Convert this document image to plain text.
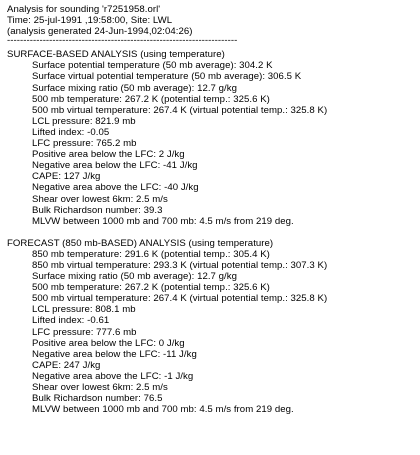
Analysis for sounding 'r7251958.orl'
Time: 25-jul-1991 ,19:58:00, Site: LWL
(analysis generated 24-Jun-1994,02:04:26)
-----------------------------------------------------------------------
SURFACE-BASED ANALYSIS (using temperature)
Surface potential temperature (50 mb average): 304.2 K
Surface virtual potential temperature (50 mb average): 306.5 K
Surface mixing ratio (50 mb average): 12.7 g/kg
500 mb temperature: 267.2 K (potential temp.: 325.6 K)
500 mb virtual temperature: 267.4 K (virtual potential temp.: 325.8 K)
LCL pressure: 821.9 mb
Lifted index: -0.05
LFC pressure: 765.2 mb
Positive area below the LFC: 2 J/kg
Negative area below the LFC: -41 J/kg
CAPE: 127 J/kg
Negative area above the LFC: -40 J/kg
Shear over lowest 6km: 2.5 m/s
Bulk Richardson number: 39.3
MLVW between 1000 mb and 700 mb: 4.5 m/s from 219 deg.
FORECAST (850 mb-BASED) ANALYSIS (using temperature)
850 mb temperature: 291.6 K (potential temp.: 305.4 K)
850 mb virtual temperature: 293.3 K (virtual potential temp.: 307.3 K)
Surface mixing ratio (50 mb average): 12.7 g/kg
500 mb temperature: 267.2 K (potential temp.: 325.6 K)
500 mb virtual temperature: 267.4 K (virtual potential temp.: 325.8 K)
LCL pressure: 808.1 mb
Lifted index: -0.61
LFC pressure: 777.6 mb
Positive area below the LFC: 0 J/kg
Negative area below the LFC: -11 J/kg
CAPE: 247 J/kg
Negative area above the LFC: -1 J/kg
Shear over lowest 6km: 2.5 m/s
Bulk Richardson number: 76.5
MLVW between 1000 mb and 700 mb: 4.5 m/s from 219 deg.
